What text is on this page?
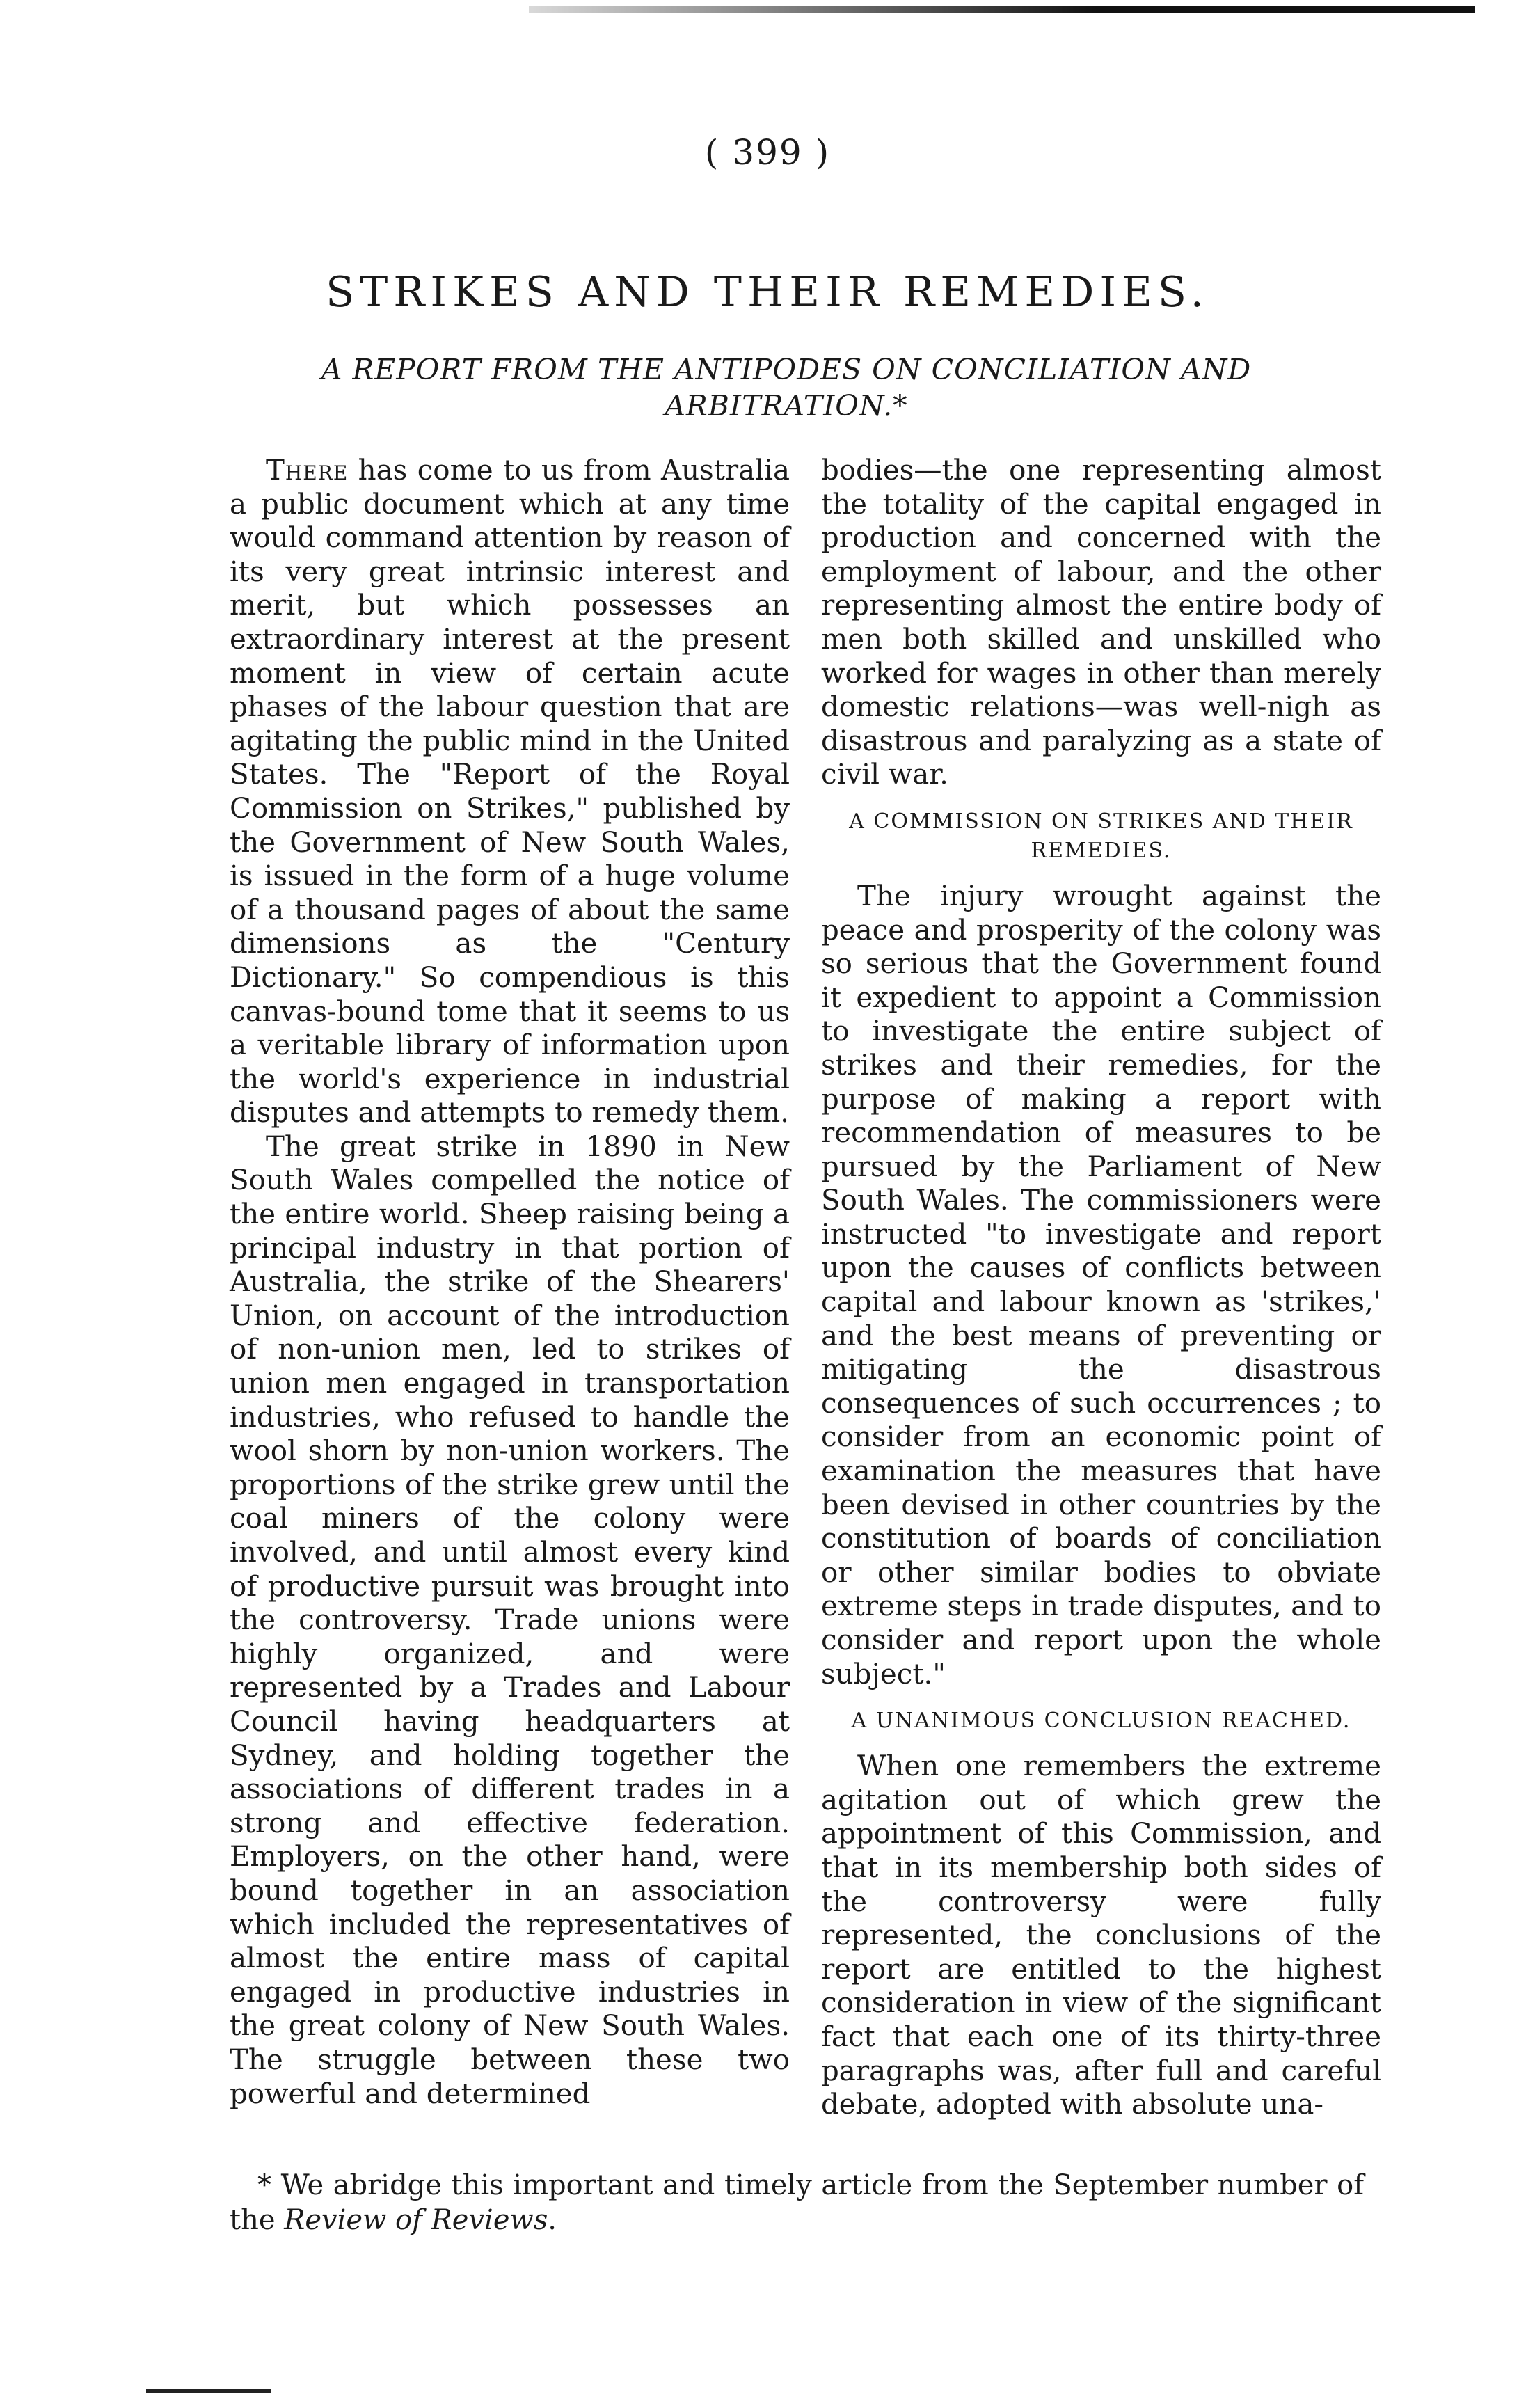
( 399 )
STRIKES AND THEIR REMEDIES.
A REPORT FROM THE ANTIPODES ON CONCILIATION AND ARBITRATION.*

There has come to us from Australia a public document which at any time would command attention by reason of its very great intrinsic interest and merit, but which possesses an extraordinary interest at the present moment in view of certain acute phases of the labour question that are agitating the public mind in the United States. The "Report of the Royal Commission on Strikes," published by the Government of New South Wales, is issued in the form of a huge volume of a thousand pages of about the same dimensions as the "Century Dictionary." So compendious is this canvas-bound tome that it seems to us a veritable library of information upon the world's experience in industrial disputes and attempts to remedy them.

The great strike in 1890 in New South Wales compelled the notice of the entire world. Sheep raising being a principal industry in that portion of Australia, the strike of the Shearers' Union, on account of the introduction of non-union men, led to strikes of union men engaged in transportation industries, who refused to handle the wool shorn by non-union workers. The proportions of the strike grew until the coal miners of the colony were involved, and until almost every kind of productive pursuit was brought into the controversy. Trade unions were highly organized, and were represented by a Trades and Labour Council having headquarters at Sydney, and holding together the associations of different trades in a strong and effective federation. Employers, on the other hand, were bound together in an association which included the representatives of almost the entire mass of capital engaged in productive industries in the great colony of New South Wales. The struggle between these two powerful and determined

bodies—the one representing almost the totality of the capital engaged in production and concerned with the employment of labour, and the other representing almost the entire body of men both skilled and unskilled who worked for wages in other than merely domestic relations—was well-nigh as disastrous and paralyzing as a state of civil war.

A COMMISSION ON STRIKES AND THEIR REMEDIES.

The injury wrought against the peace and prosperity of the colony was so serious that the Government found it expedient to appoint a Commission to investigate the entire subject of strikes and their remedies, for the purpose of making a report with recommendation of measures to be pursued by the Parliament of New South Wales. The commissioners were instructed "to investigate and report upon the causes of conflicts between capital and labour known as 'strikes,' and the best means of preventing or mitigating the disastrous consequences of such occurrences ; to consider from an economic point of examination the measures that have been devised in other countries by the constitution of boards of conciliation or other similar bodies to obviate extreme steps in trade disputes, and to consider and report upon the whole subject."

A UNANIMOUS CONCLUSION REACHED.

When one remembers the extreme agitation out of which grew the appointment of this Commission, and that in its membership both sides of the controversy were fully represented, the conclusions of the report are entitled to the highest consideration in view of the significant fact that each one of its thirty-three paragraphs was, after full and careful debate, adopted with absolute una-

* We abridge this important and timely article from the September number of the Review of Reviews.
